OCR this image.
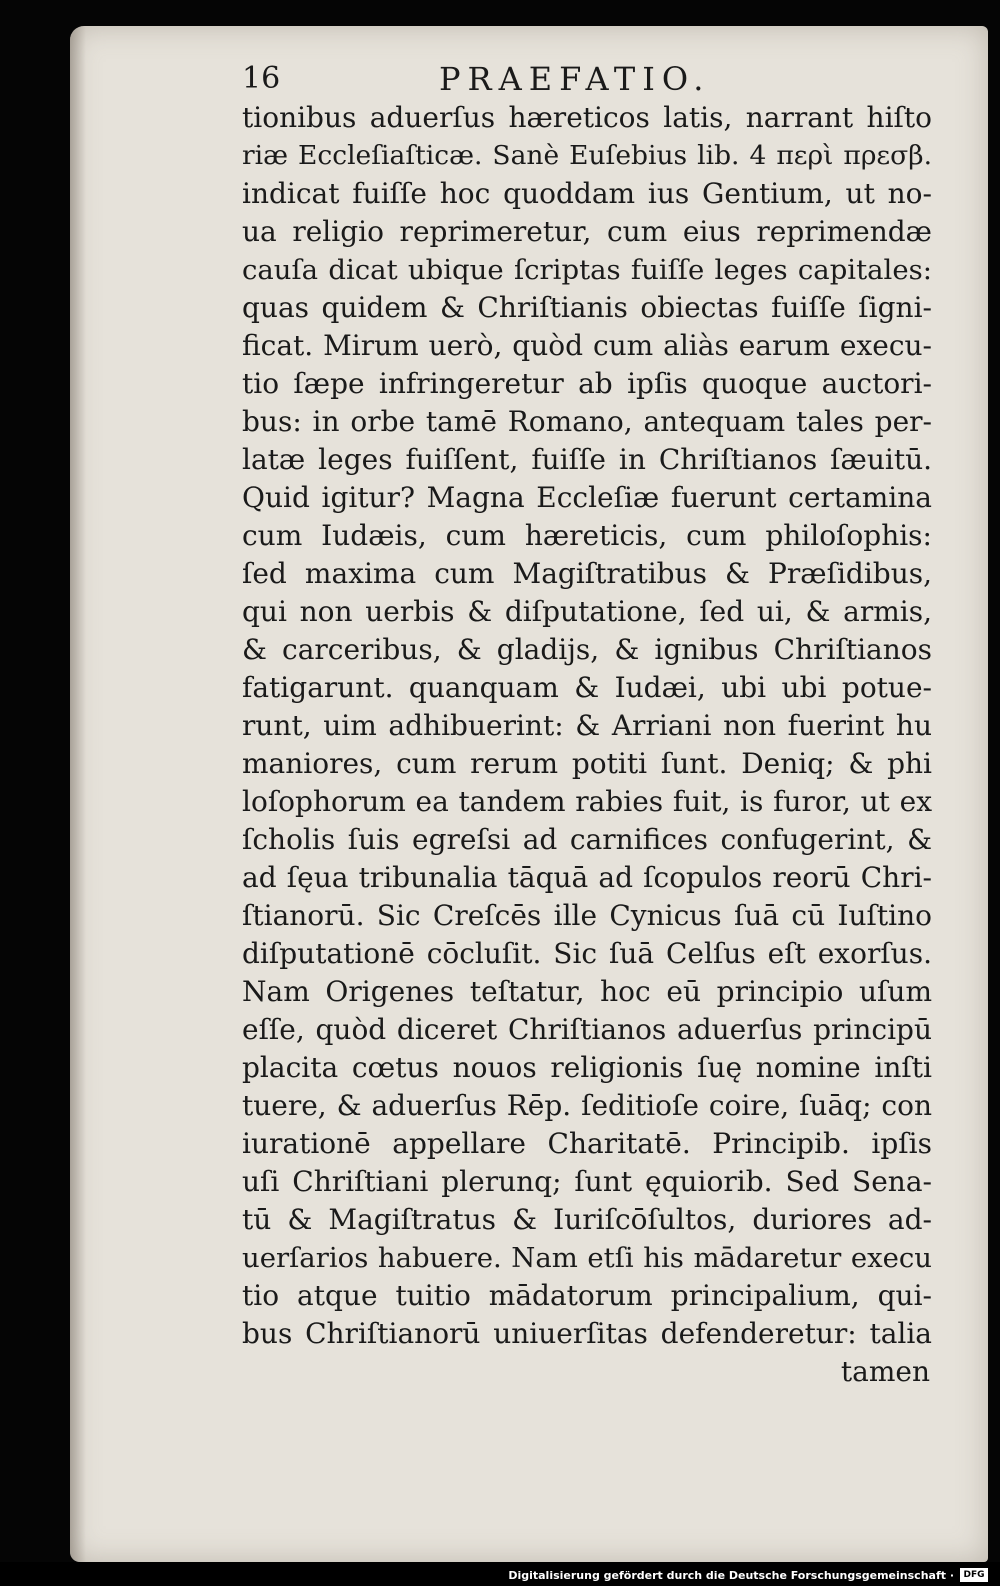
16	PRAEFATIO.
tionibus aduerſus hæreticos latis, narrant hiſto
riæ Eccleſiaſticæ. Sanè Euſebius lib. 4 περὶ πρεσβ.
indicat fuiſſe hoc quoddam ius Gentium, ut no-
ua religio reprimeretur, cum eius reprimendæ
cauſa dicat ubique ſcriptas fuiſſe leges capitales:
quas quidem & Chriſtianis obiectas fuiſſe ſigni-
ficat. Mirum uerò, quòd cum aliàs earum execu-
tio ſæpe infringeretur ab ipſis quoque auctori-
bus: in orbe tamē Romano, antequam tales per-
latæ leges fuiſſent, fuiſſe in Chriſtianos ſæuitū.
Quid igitur? Magna Eccleſiæ fuerunt certamina
cum Iudæis, cum hæreticis, cum philoſophis:
ſed maxima cum Magiſtratibus & Præſidibus,
qui non uerbis & diſputatione, ſed ui, & armis,
& carceribus, & gladijs, & ignibus Chriſtianos
fatigarunt. quanquam & Iudæi, ubi ubi potue-
runt, uim adhibuerint: & Arriani non fuerint hu
maniores, cum rerum potiti ſunt. Deniq; & phi
loſophorum ea tandem rabies fuit, is furor, ut ex
ſcholis ſuis egreſsi ad carnifices confugerint, &
ad ſęua tribunalia tāquā ad ſcopulos reorū Chri-
ſtianorū. Sic Creſcēs ille Cynicus ſuā cū Iuſtino
diſputationē cōcluſit. Sic ſuā Celſus eſt exorſus.
Nam Origenes teſtatur, hoc eū principio uſum
eſſe, quòd diceret Chriſtianos aduerſus principū
placita cœtus nouos religionis ſuę nomine inſti
tuere, & aduerſus Rēp. ſeditioſe coire, ſuāq; con
iurationē appellare Charitatē. Principib. ipſis
uſi Chriſtiani plerunq; ſunt ęquiorib. Sed Sena-
tū & Magiſtratus & Iuriſcōſultos, duriores ad-
uerſarios habuere. Nam etſi his mādaretur execu
tio atque tuitio mādatorum principalium, qui-
bus Chriſtianorū uniuerſitas defenderetur: talia
tamen
Digitalisierung gefördert durch die Deutsche Forschungsgemeinschaft ·	DFG
